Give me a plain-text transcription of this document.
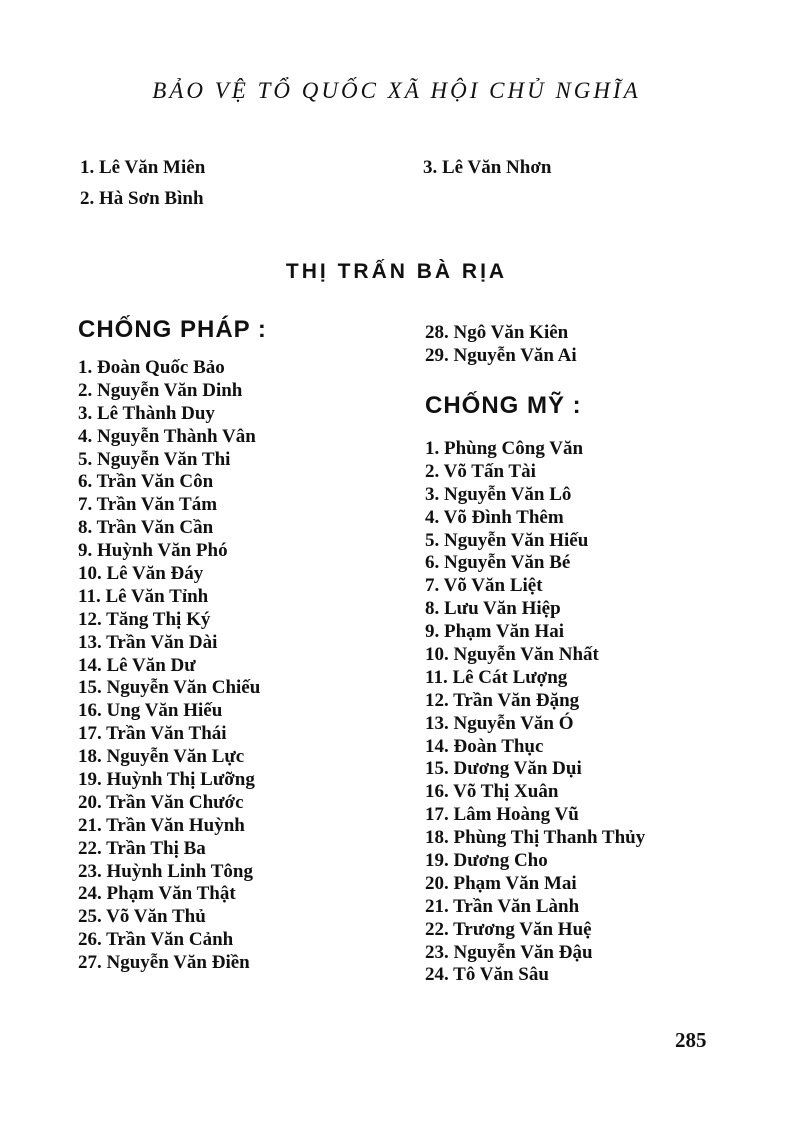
BẢO VỆ TỔ QUỐC XÃ HỘI CHỦ NGHĨA
1. Lê Văn Miên
2. Hà Sơn Bình
3. Lê Văn Nhơn
THỊ TRẤN BÀ RỊA
CHỐNG PHÁP :
1. Đoàn Quốc Bảo
2. Nguyễn Văn Dinh
3. Lê Thành Duy
4. Nguyễn Thành Vân
5. Nguyễn Văn Thi
6. Trần Văn Côn
7. Trần Văn Tám
8. Trần Văn Cần
9. Huỳnh Văn Phó
10. Lê Văn Đáy
11. Lê Văn Tỉnh
12. Tăng Thị Ký
13. Trần Văn Dài
14. Lê Văn Dư
15. Nguyễn Văn Chiếu
16. Ung Văn Hiếu
17. Trần Văn Thái
18. Nguyễn Văn Lực
19. Huỳnh Thị Lưỡng
20. Trần Văn Chước
21. Trần Văn Huỳnh
22. Trần Thị Ba
23. Huỳnh Linh Tông
24. Phạm Văn Thật
25. Võ Văn Thủ
26. Trần Văn Cảnh
27. Nguyễn Văn Điền
28. Ngô Văn Kiên
29. Nguyễn Văn Ai
CHỐNG MỸ :
1. Phùng Công Văn
2. Võ Tấn Tài
3. Nguyễn Văn Lô
4. Võ Đình Thêm
5. Nguyễn Văn Hiếu
6. Nguyễn Văn Bé
7. Võ Văn Liệt
8. Lưu Văn Hiệp
9. Phạm Văn Hai
10. Nguyễn Văn Nhất
11. Lê Cát Lượng
12. Trần Văn Đặng
13. Nguyễn Văn Ó
14. Đoàn Thục
15. Dương Văn Dụi
16. Võ Thị Xuân
17. Lâm Hoàng Vũ
18. Phùng Thị Thanh Thủy
19. Dương Cho
20. Phạm Văn Mai
21. Trần Văn Lành
22. Trương Văn Huệ
23. Nguyễn Văn Đậu
24. Tô Văn Sâu
285
